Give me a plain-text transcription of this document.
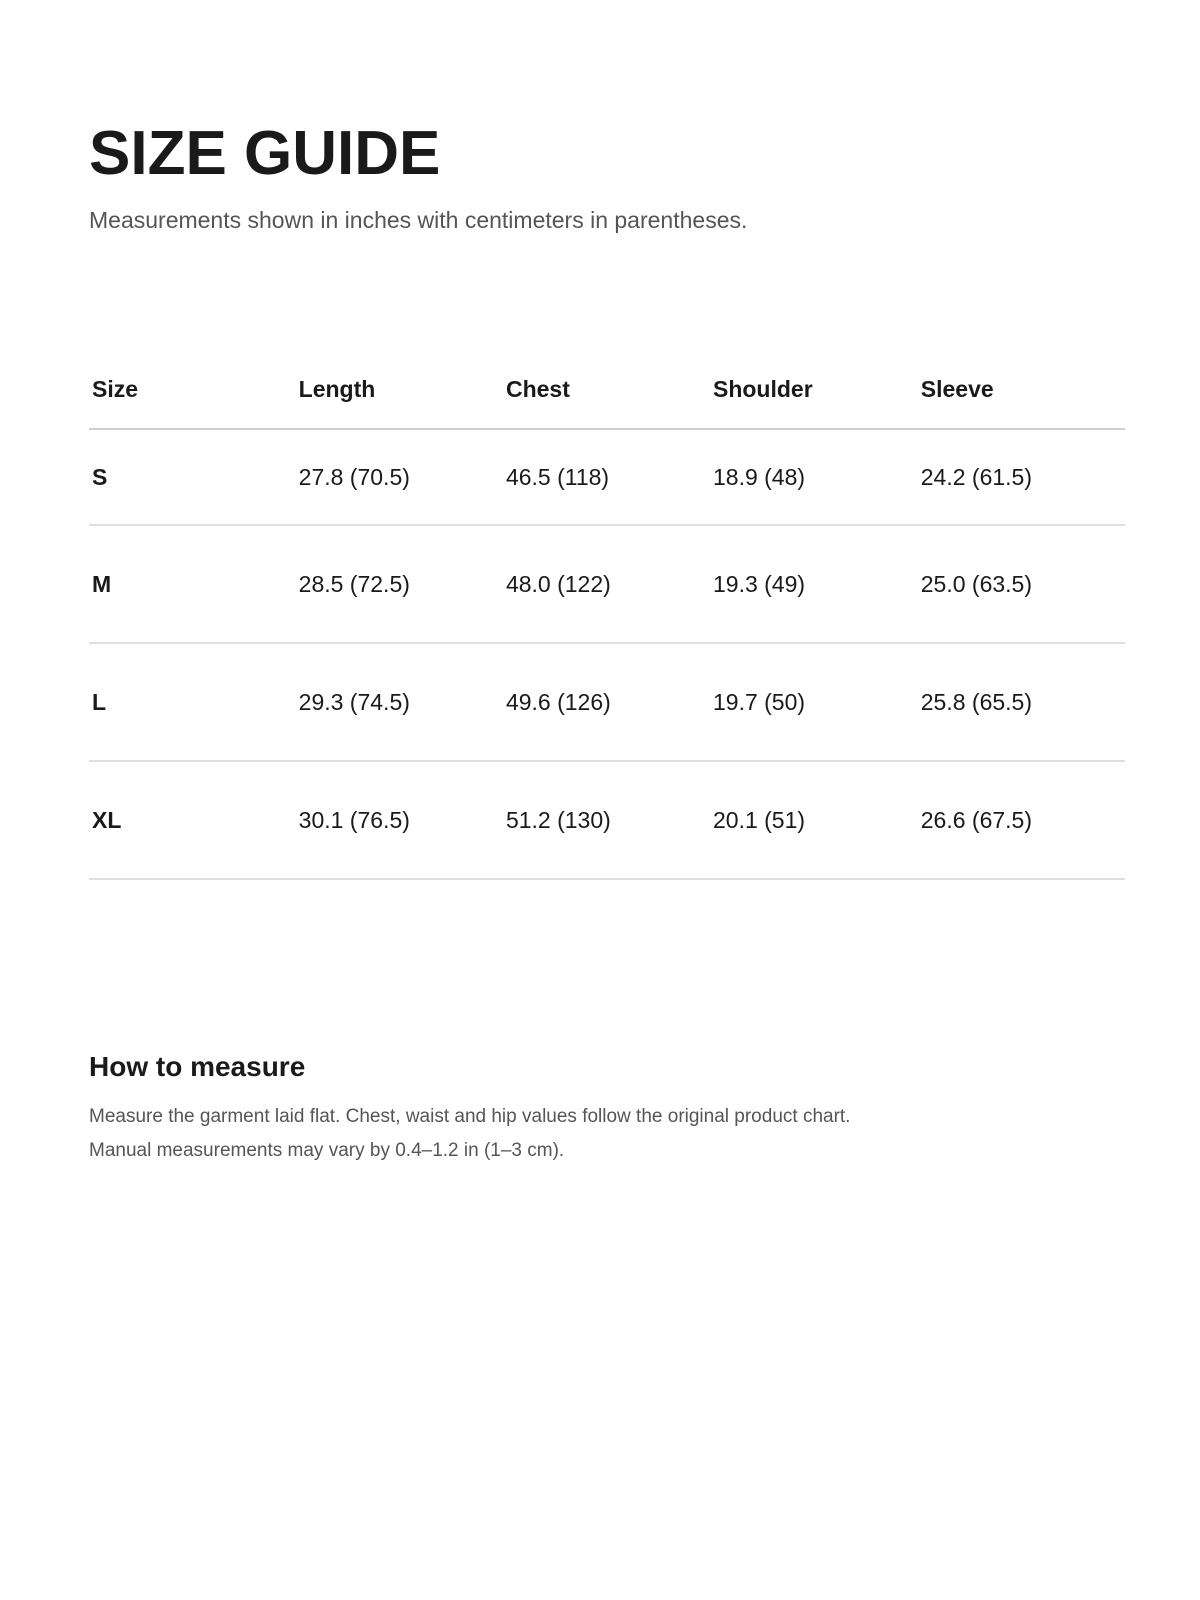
SIZE GUIDE

Measurements shown in inches with centimeters in parentheses.

Size	Length	Chest	Shoulder	Sleeve
S	27.8 (70.5)	46.5 (118)	18.9 (48)	24.2 (61.5)
M	28.5 (72.5)	48.0 (122)	19.3 (49)	25.0 (63.5)
L	29.3 (74.5)	49.6 (126)	19.7 (50)	25.8 (65.5)
XL	30.1 (76.5)	51.2 (130)	20.1 (51)	26.6 (67.5)
How to measure

Measure the garment laid flat. Chest, waist and hip values follow the original product chart.
Manual measurements may vary by 0.4–1.2 in (1–3 cm).
